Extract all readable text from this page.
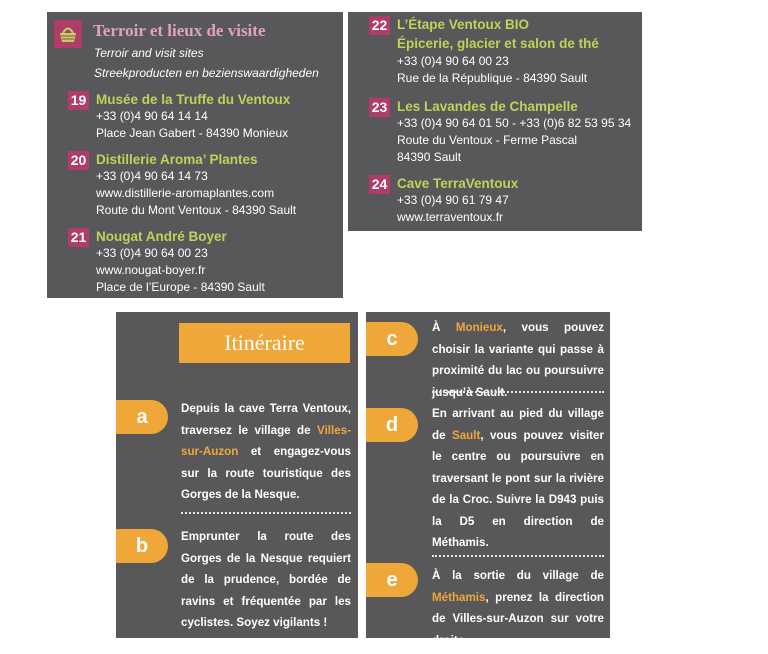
Terroir et lieux de visite
Terroir and visit sites
Streekproducten en bezienswaardigheden
19 Musée de la Truffe du Ventoux
+33 (0)4 90 64 14 14
Place Jean Gabert - 84390 Monieux
20 Distillerie Aroma’ Plantes
+33 (0)4 90 64 14 73
www.distillerie-aromaplantes.com
Route du Mont Ventoux - 84390 Sault
21 Nougat André Boyer
+33 (0)4 90 64 00 23
www.nougat-boyer.fr
Place de l’Europe - 84390 Sault
22 L’Étape Ventoux BIO
Épicerie, glacier et salon de thé
+33 (0)4 90 64 00 23
Rue de la République - 84390 Sault
23 Les Lavandes de Champelle
+33 (0)4 90 64 01 50 - +33 (0)6 82 53 95 34
Route du Ventoux - Ferme Pascal
84390 Sault
24 Cave TerraVentoux
+33 (0)4 90 61 79 47
www.terraventoux.fr
Itinéraire
a	Depuis la cave Terra Ventoux, traversez le village de Villes-sur-Auzon et engagez-vous sur la route touristique des Gorges de la Nesque.
b	Emprunter la route des Gorges de la Nesque requiert de la prudence, bordée de ravins et fréquentée par les cyclistes. Soyez vigilants !
c
À Monieux, vous pouvez choisir la variante qui passe à proximité du lac ou poursuivre jusqu’à Sault.
d
En arrivant au pied du village de Sault, vous pouvez visiter le centre ou poursuivre en traversant le pont sur la rivière de la Croc. Suivre la D943 puis la D5 en direction de Méthamis.
e	À la sortie du village de Méthamis, prenez la direction de Villes-sur-Auzon sur votre droite.
